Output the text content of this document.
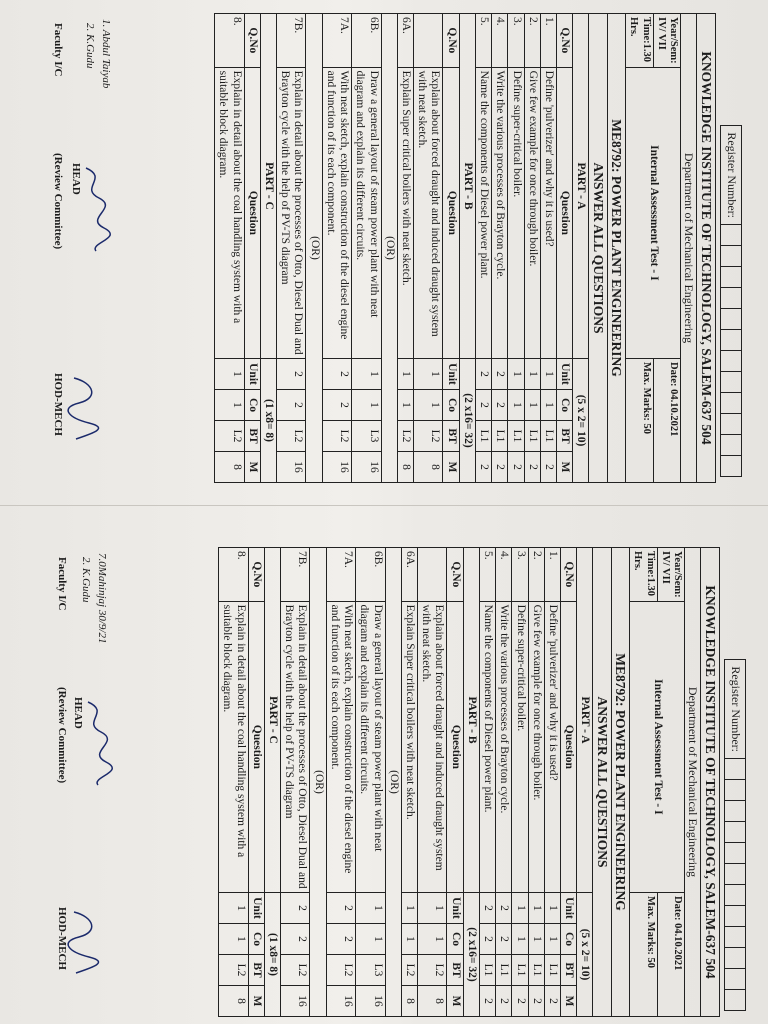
Register Number:
KNOWLEDGE INSTITUTE OF TECHNOLOGY, SALEM-637 504					
Department of Mechanical Engineering					
Year/Sem: IV/ VII	Internal Assessment Test - I	Date: 04.10.2021			
Time:1.30 Hrs.		Max. Marks: 50			
ME8792: POWER PLANT ENGINEERING					
ANSWER ALL QUESTIONS					
PART - A		(5 x 2= 10)			
Q.No	Question	Unit	Co	BT	M
1.	Define 'pulverizer' and why it is used?	1	1	L1	2
2.	Give few example for once through boiler.	1	1	L1	2
3.	Define super-critical boiler.	1	1	L1	2
4.	Write the various processes of Brayton cycle.	2	2	L1	2
5.	Name the components of Diesel power plant.	2	2	L1	2
PART - B		(2 x16= 32)			
Q.No	Question	Unit	Co	BT	M
	Explain about forced draught and induced draught system with neat sketch.	1	1	L2	8
6A.	Explain Super critical boilers with neat sketch.	1	1	L2	8
(OR)					
6B.	Draw a general layout of steam power plant with neat diagram and explain its different circuits.	1	1	L3	16
7A.	With neat sketch, explain construction of the diesel engine and function of its each component.	2	2	L2	16
(OR)					
7B.	Explain in detail about the processes of Otto, Diesel Dual and Brayton cycle with the help of PV-TS diagram	2	2	L2	16
PART - C		(1 x8= 8)			
Q.No	Question	Unit	Co	BT	M
8.	Explain in detail about the coal handling system with a suitable block diagram.	1	1	L2	8
1. Abdul Taiyab
2. K.Gudu
Faculty I/C
HEAD
(Review Committee)
HOD-MECH
Register Number:
KNOWLEDGE INSTITUTE OF TECHNOLOGY, SALEM-637 504					
Department of Mechanical Engineering					
Year/Sem: IV/ VII	Internal Assessment Test - I	Date: 04.10.2021			
Time:1.30 Hrs.		Max. Marks: 50			
ME8792: POWER PLANT ENGINEERING					
ANSWER ALL QUESTIONS					
PART - A		(5 x 2= 10)			
Q.No	Question	Unit	Co	BT	M
1.	Define 'pulverizer' and why it is used?	1	1	L1	2
2.	Give few example for once through boiler.	1	1	L1	2
3.	Define super-critical boiler.	1	1	L1	2
4.	Write the various processes of Brayton cycle.	2	2	L1	2
5.	Name the components of Diesel power plant.	2	2	L1	2
PART - B		(2 x16= 32)			
Q.No	Question	Unit	Co	BT	M
	Explain about forced draught and induced draught system with neat sketch.	1	1	L2	8
6A.	Explain Super critical boilers with neat sketch.	1	1	L2	8
(OR)					
6B.	Draw a general layout of steam power plant with neat diagram and explain its different circuits.	1	1	L3	16
7A.	With neat sketch, explain construction of the diesel engine and function of its each component.	2	2	L2	16
(OR)					
7B.	Explain in detail about the processes of Otto, Diesel Dual and Brayton cycle with the help of PV-TS diagram	2	2	L2	16
PART - C		(1 x8= 8)			
Q.No	Question	Unit	Co	BT	M
8.	Explain in detail about the coal handling system with a suitable block diagram.	1	1	L2	8
7.0Mahinjaj 30/9/21
2. K.Gudu
Faculty I/C
HEAD
(Review Committee)
HOD-MECH
